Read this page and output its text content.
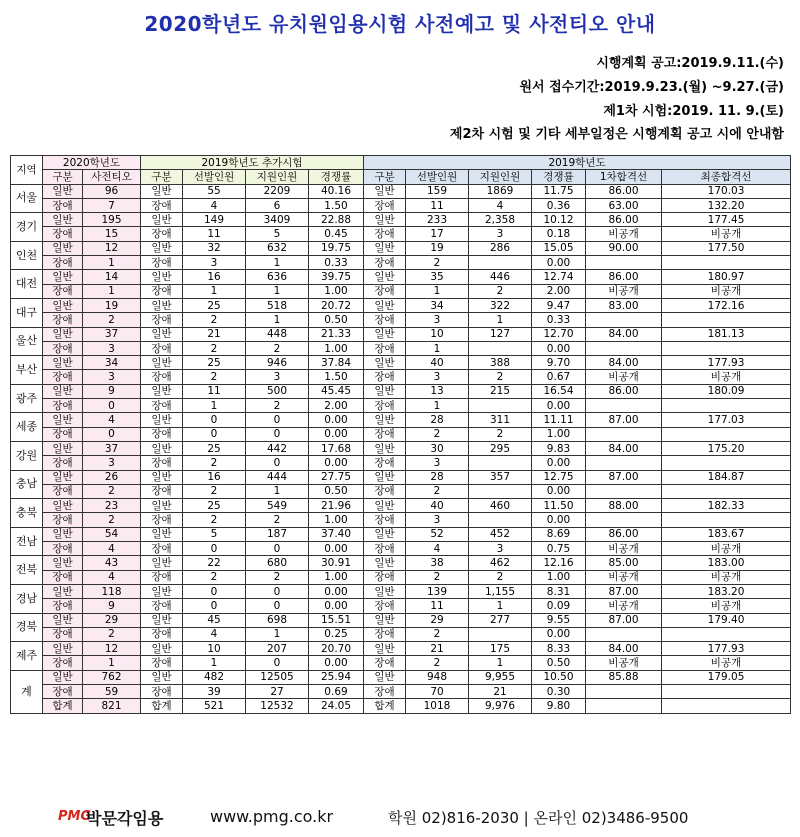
2020학년도 유치원임용시험 사전예고 및 사전티오 안내
시행계획 공고:2019.9.11.(수)
원서 접수기간:2019.9.23.(월) ~9.27.(금)
제1차 시험:2019. 11. 9.(토)
제2차 시험 및 기타 세부일정은 시행계획 공고 시에 안내함
지역	2020학년도		2019학년도 추가시험				2019학년도					
	구분	사전티오	구분	선발인원	지원인원	경쟁률	구분	선발인원	지원인원	경쟁률	1차합격선	최종합격선
서울	일반	96	일반	55	2209	40.16	일반	159	1869	11.75	86.00	170.03
	장애	7	장애	4	6	1.50	장애	11	4	0.36	63.00	132.20
경기	일반	195	일반	149	3409	22.88	일반	233	2,358	10.12	86.00	177.45
	장애	15	장애	11	5	0.45	장애	17	3	0.18	비공개	비공개
인천	일반	12	일반	32	632	19.75	일반	19	286	15.05	90.00	177.50
	장애	1	장애	3	1	0.33	장애	2		0.00		
대전	일반	14	일반	16	636	39.75	일반	35	446	12.74	86.00	180.97
	장애	1	장애	1	1	1.00	장애	1	2	2.00	비공개	비공개
대구	일반	19	일반	25	518	20.72	일반	34	322	9.47	83.00	172.16
	장애	2	장애	2	1	0.50	장애	3	1	0.33		
울산	일반	37	일반	21	448	21.33	일반	10	127	12.70	84.00	181.13
	장애	3	장애	2	2	1.00	장애	1		0.00		
부산	일반	34	일반	25	946	37.84	일반	40	388	9.70	84.00	177.93
	장애	3	장애	2	3	1.50	장애	3	2	0.67	비공개	비공개
광주	일반	9	일반	11	500	45.45	일반	13	215	16.54	86.00	180.09
	장애	0	장애	1	2	2.00	장애	1		0.00		
세종	일반	4	일반	0	0	0.00	일반	28	311	11.11	87.00	177.03
	장애	0	장애	0	0	0.00	장애	2	2	1.00		
강원	일반	37	일반	25	442	17.68	일반	30	295	9.83	84.00	175.20
	장애	3	장애	2	0	0.00	장애	3		0.00		
충남	일반	26	일반	16	444	27.75	일반	28	357	12.75	87.00	184.87
	장애	2	장애	2	1	0.50	장애	2		0.00		
충북	일반	23	일반	25	549	21.96	일반	40	460	11.50	88.00	182.33
	장애	2	장애	2	2	1.00	장애	3		0.00		
전남	일반	54	일반	5	187	37.40	일반	52	452	8.69	86.00	183.67
	장애	4	장애	0	0	0.00	장애	4	3	0.75	비공개	비공개
전북	일반	43	일반	22	680	30.91	일반	38	462	12.16	85.00	183.00
	장애	4	장애	2	2	1.00	장애	2	2	1.00	비공개	비공개
경남	일반	118	일반	0	0	0.00	일반	139	1,155	8.31	87.00	183.20
	장애	9	장애	0	0	0.00	장애	11	1	0.09	비공개	비공개
경북	일반	29	일반	45	698	15.51	일반	29	277	9.55	87.00	179.40
	장애	2	장애	4	1	0.25	장애	2		0.00		
제주	일반	12	일반	10	207	20.70	일반	21	175	8.33	84.00	177.93
	장애	1	장애	1	0	0.00	장애	2	1	0.50	비공개	비공개
계	일반	762	일반	482	12505	25.94	일반	948	9,955	10.50	85.88	179.05
	장애	59	장애	39	27	0.69	장애	70	21	0.30		
	합계	821	합계	521	12532	24.05	합계	1018	9,976	9.80		
PMG
박문각임용	www.pmg.co.kr	학원 02)816-2030 | 온라인 02)3486-9500
